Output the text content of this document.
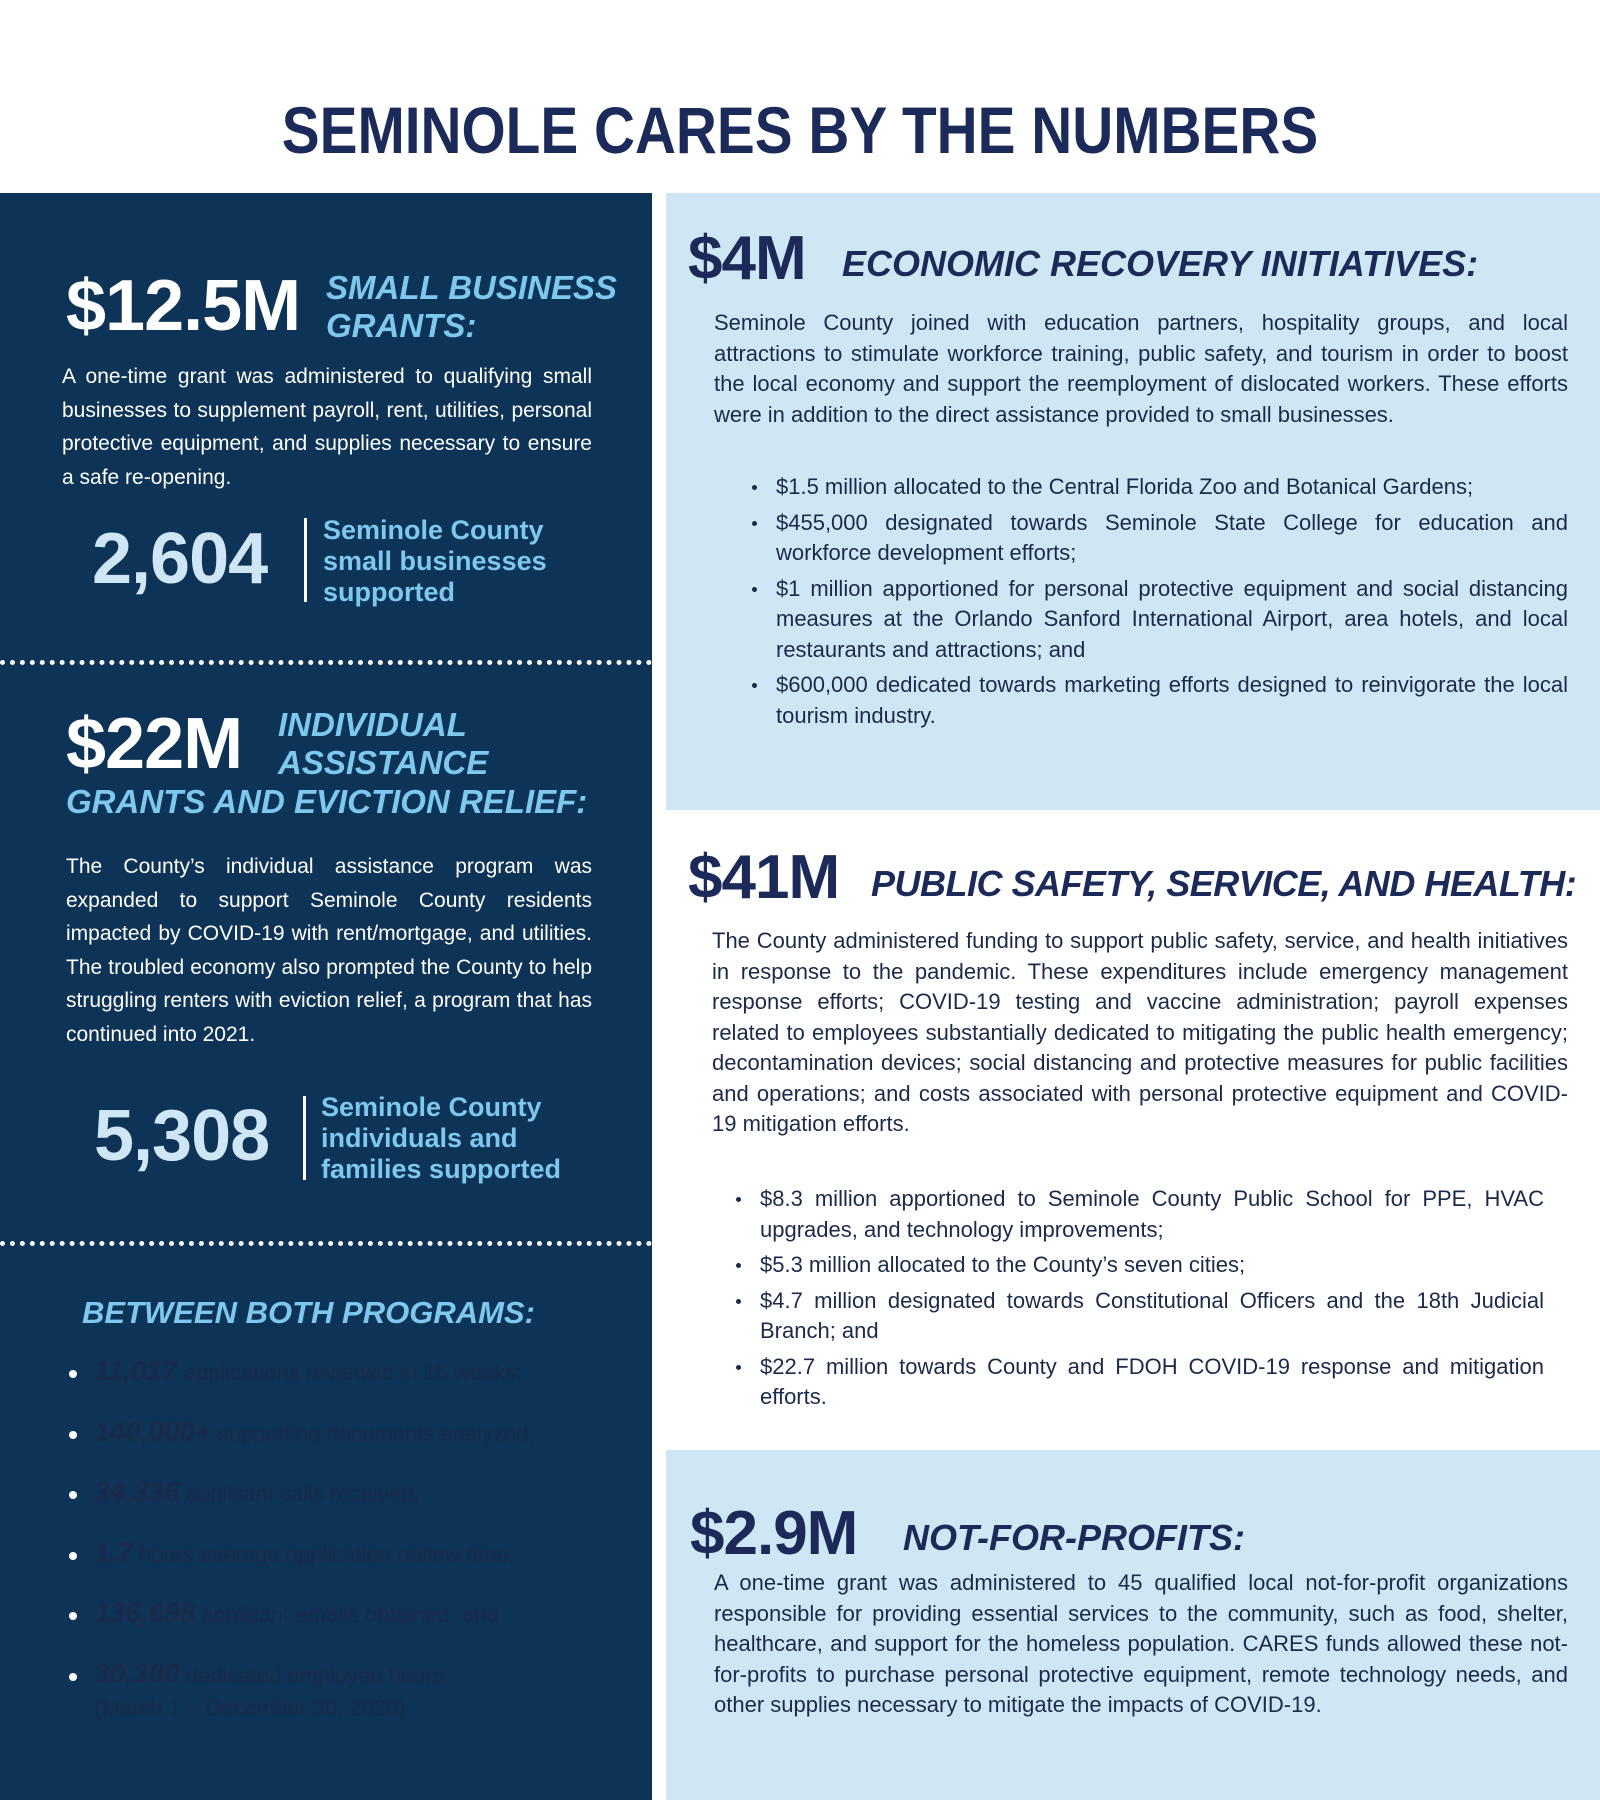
SEMINOLE CARES BY THE NUMBERS
$12.5M SMALL BUSINESS
GRANTS:
A one-time grant was administered to qualifying small businesses to supplement payroll, rent, utilities, personal protective equipment, and supplies necessary to ensure a safe re-opening.
2,604 Seminole County
small businesses
supported
$22M INDIVIDUAL
ASSISTANCE
GRANTS AND EVICTION RELIEF:
The County’s individual assistance program was expanded to support Seminole County residents impacted by COVID-19 with rent/mortgage, and utilities. The troubled economy also prompted the County to help struggling renters with eviction relief, a program that has continued into 2021.
5,308 Seminole County
individuals and
families supported
BETWEEN BOTH PROGRAMS:
11,017 applications reviewed in 15 weeks;
140,000+ supporting documents analyzed;
34,336 applicant calls received;
1.7 hours average application review time;
136,698 applicant emails obtained; and
30,300 dedicated employee hours
(March 1 – December 30, 2020).
$4M ECONOMIC RECOVERY INITIATIVES:
Seminole County joined with education partners, hospitality groups, and local attractions to stimulate workforce training, public safety, and tourism in order to boost the local economy and support the reemployment of dislocated workers. These efforts were in addition to the direct assistance provided to small businesses.
$1.5 million allocated to the Central Florida Zoo and Botanical Gardens;
$455,000 designated towards Seminole State College for education and workforce development efforts;
$1 million apportioned for personal protective equipment and social distancing measures at the Orlando Sanford International Airport, area hotels, and local restaurants and attractions; and
$600,000 dedicated towards marketing efforts designed to reinvigorate the local tourism industry.
$41M PUBLIC SAFETY, SERVICE, AND HEALTH:
The County administered funding to support public safety, service, and health initiatives in response to the pandemic. These expenditures include emergency management response efforts; COVID-19 testing and vaccine administration; payroll expenses related to employees substantially dedicated to mitigating the public health emergency; decontamination devices; social distancing and protective measures for public facilities and operations; and costs associated with personal protective equipment and COVID-19 mitigation efforts.
$8.3 million apportioned to Seminole County Public School for PPE, HVAC upgrades, and technology improvements;
$5.3 million allocated to the County’s seven cities;
$4.7 million designated towards Constitutional Officers and the 18th Judicial Branch; and
$22.7 million towards County and FDOH COVID-19 response and mitigation efforts.
$2.9M NOT-FOR-PROFITS:
A one-time grant was administered to 45 qualified local not-for-profit organizations responsible for providing essential services to the community, such as food, shelter, healthcare, and support for the homeless population. CARES funds allowed these not-for-profits to purchase personal protective equipment, remote technology needs, and other supplies necessary to mitigate the impacts of COVID-19.
